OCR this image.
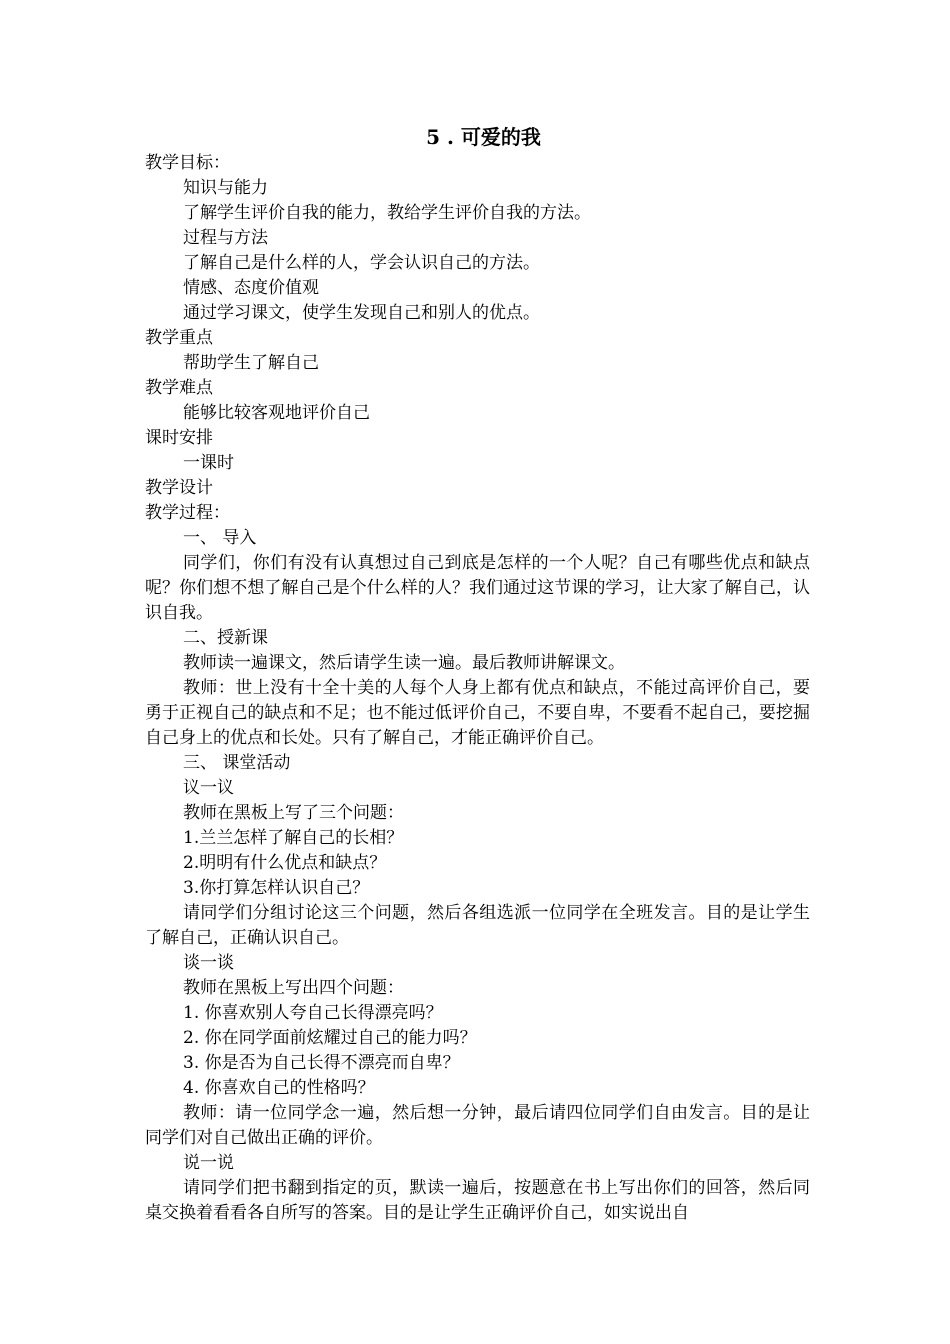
5 . 可爱的我

教学目标：

知识与能力

了解学生评价自我的能力，教给学生评价自我的方法。

过程与方法

了解自己是什么样的人，学会认识自己的方法。

情感、态度价值观

通过学习课文，使学生发现自己和别人的优点。

教学重点

帮助学生了解自己

教学难点

能够比较客观地评价自己

课时安排

一课时

教学设计

教学过程：

一、 导入

同学们，你们有没有认真想过自己到底是怎样的一个人呢？自己有哪些优点和缺点呢？你们想不想了解自己是个什么样的人？我们通过这节课的学习，让大家了解自己，认识自我。

二、授新课

教师读一遍课文，然后请学生读一遍。最后教师讲解课文。

教师：世上没有十全十美的人每个人身上都有优点和缺点，不能过高评价自己，要勇于正视自己的缺点和不足；也不能过低评价自己，不要自卑，不要看不起自己，要挖掘自己身上的优点和长处。只有了解自己，才能正确评价自己。

三、 课堂活动

议一议

教师在黑板上写了三个问题：

1.兰兰怎样了解自己的长相？

2.明明有什么优点和缺点？

3.你打算怎样认识自己？

请同学们分组讨论这三个问题，然后各组选派一位同学在全班发言。目的是让学生了解自己，正确认识自己。

谈一谈

教师在黑板上写出四个问题：

1. 你喜欢别人夸自己长得漂亮吗？

2. 你在同学面前炫耀过自己的能力吗？

3. 你是否为自己长得不漂亮而自卑？

4. 你喜欢自己的性格吗？

教师：请一位同学念一遍，然后想一分钟，最后请四位同学们自由发言。目的是让同学们对自己做出正确的评价。

说一说

请同学们把书翻到指定的页，默读一遍后，按题意在书上写出你们的回答，然后同桌交换着看看各自所写的答案。目的是让学生正确评价自己，如实说出自
